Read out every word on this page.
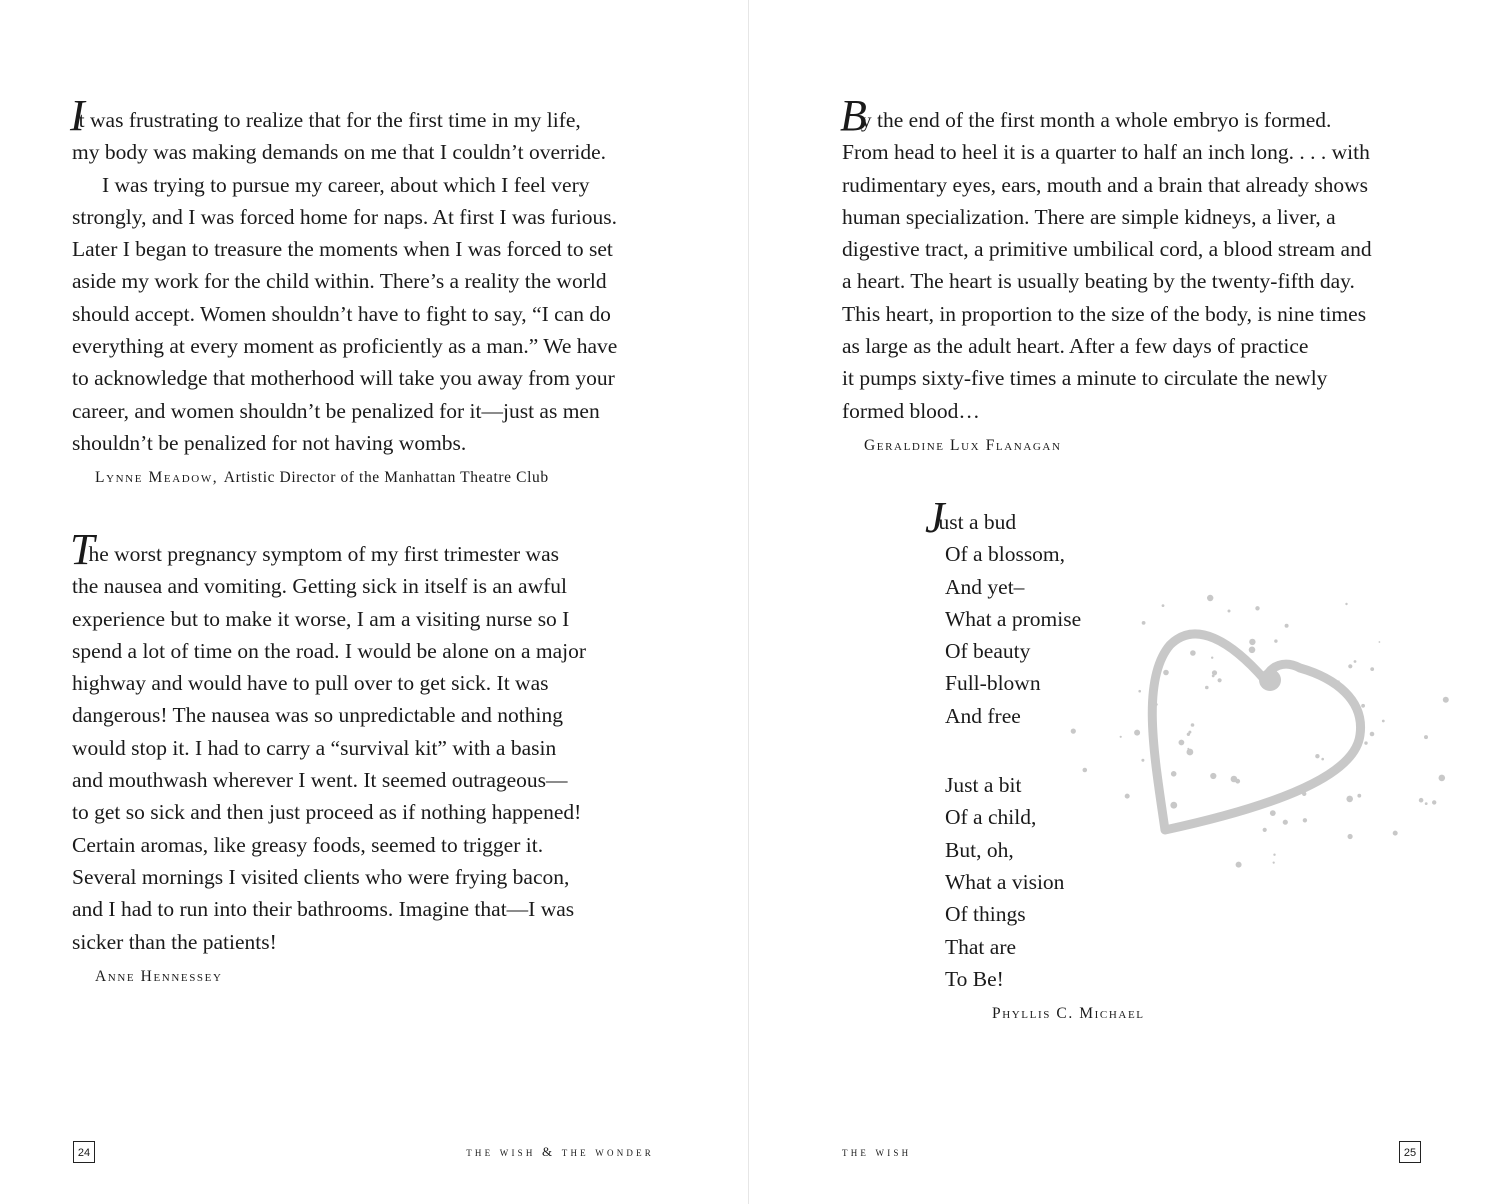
It was frustrating to realize that for the first time in my life,
my body was making demands on me that I couldn’t override.
I was trying to pursue my career, about which I feel very
strongly, and I was forced home for naps. At first I was furious.
Later I began to treasure the moments when I was forced to set
aside my work for the child within. There’s a reality the world
should accept. Women shouldn’t have to fight to say, “I can do
everything at every moment as proficiently as a man.” We have
to acknowledge that motherhood will take you away from your
career, and women shouldn’t be penalized for it—just as men
shouldn’t be penalized for not having wombs.
Lynne Meadow, Artistic Director of the Manhattan Theatre Club
The worst pregnancy symptom of my first trimester was
the nausea and vomiting. Getting sick in itself is an awful
experience but to make it worse, I am a visiting nurse so I
spend a lot of time on the road. I would be alone on a major
highway and would have to pull over to get sick. It was
dangerous! The nausea was so unpredictable and nothing
would stop it. I had to carry a “survival kit” with a basin
and mouthwash wherever I went. It seemed outrageous—
to get so sick and then just proceed as if nothing happened!
Certain aromas, like greasy foods, seemed to trigger it.
Several mornings I visited clients who were frying bacon,
and I had to run into their bathrooms. Imagine that—I was
sicker than the patients!
Anne Hennessey
24	the wish & the wonder
By the end of the first month a whole embryo is formed.
From head to heel it is a quarter to half an inch long. . . . with
rudimentary eyes, ears, mouth and a brain that already shows
human specialization. There are simple kidneys, a liver, a
digestive tract, a primitive umbilical cord, a blood stream and
a heart. The heart is usually beating by the twenty-fifth day.
This heart, in proportion to the size of the body, is nine times
as large as the adult heart. After a few days of practice
it pumps sixty-five times a minute to circulate the newly
formed blood…
Geraldine Lux Flanagan
Just a bud
Of a blossom,
And yet–
What a promise
Of beauty
Full-blown
And free
Just a bit
Of a child,
But, oh,
What a vision
Of things
That are
To Be!
Phyllis C. Michael
the wish	25
